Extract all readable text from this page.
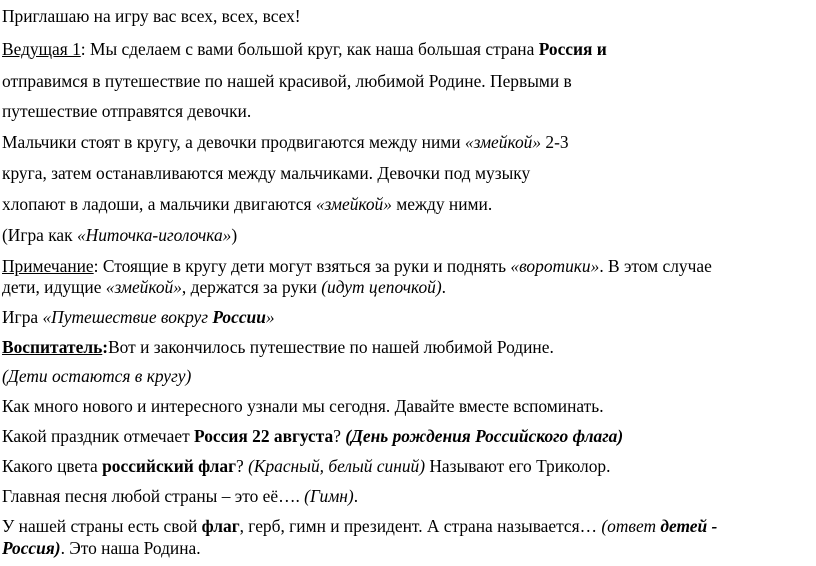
Приглашаю на игру вас всех, всех, всех!
Ведущая 1: Мы сделаем с вами большой круг, как наша большая страна Россия и
отправимся в путешествие по нашей красивой, любимой Родине. Первыми в
путешествие отправятся девочки.
Мальчики стоят в кругу, а девочки продвигаются между ними «змейкой» 2-3
круга, затем останавливаются между мальчиками. Девочки под музыку
хлопают в ладоши, а мальчики двигаются «змейкой» между ними.
(Игра как «Ниточка-иголочка»)
Примечание: Стоящие в кругу дети могут взяться за руки и поднять «воротики». В этом случае
дети, идущие «змейкой», держатся за руки (идут цепочкой).
Игра «Путешествие вокруг России»
Воспитатель:Вот и закончилось путешествие по нашей любимой Родине.
(Дети остаются в кругу)
Как много нового и интересного узнали мы сегодня. Давайте вместе вспоминать.
Какой праздник отмечает Россия 22 августа? (День рождения Российского флага)
Какого цвета российский флаг? (Красный, белый синий) Называют его Триколор.
Главная песня любой страны – это её…. (Гимн).
У нашей страны есть свой флаг, герб, гимн и президент. А страна называется… (ответ детей -
Россия). Это наша Родина.
